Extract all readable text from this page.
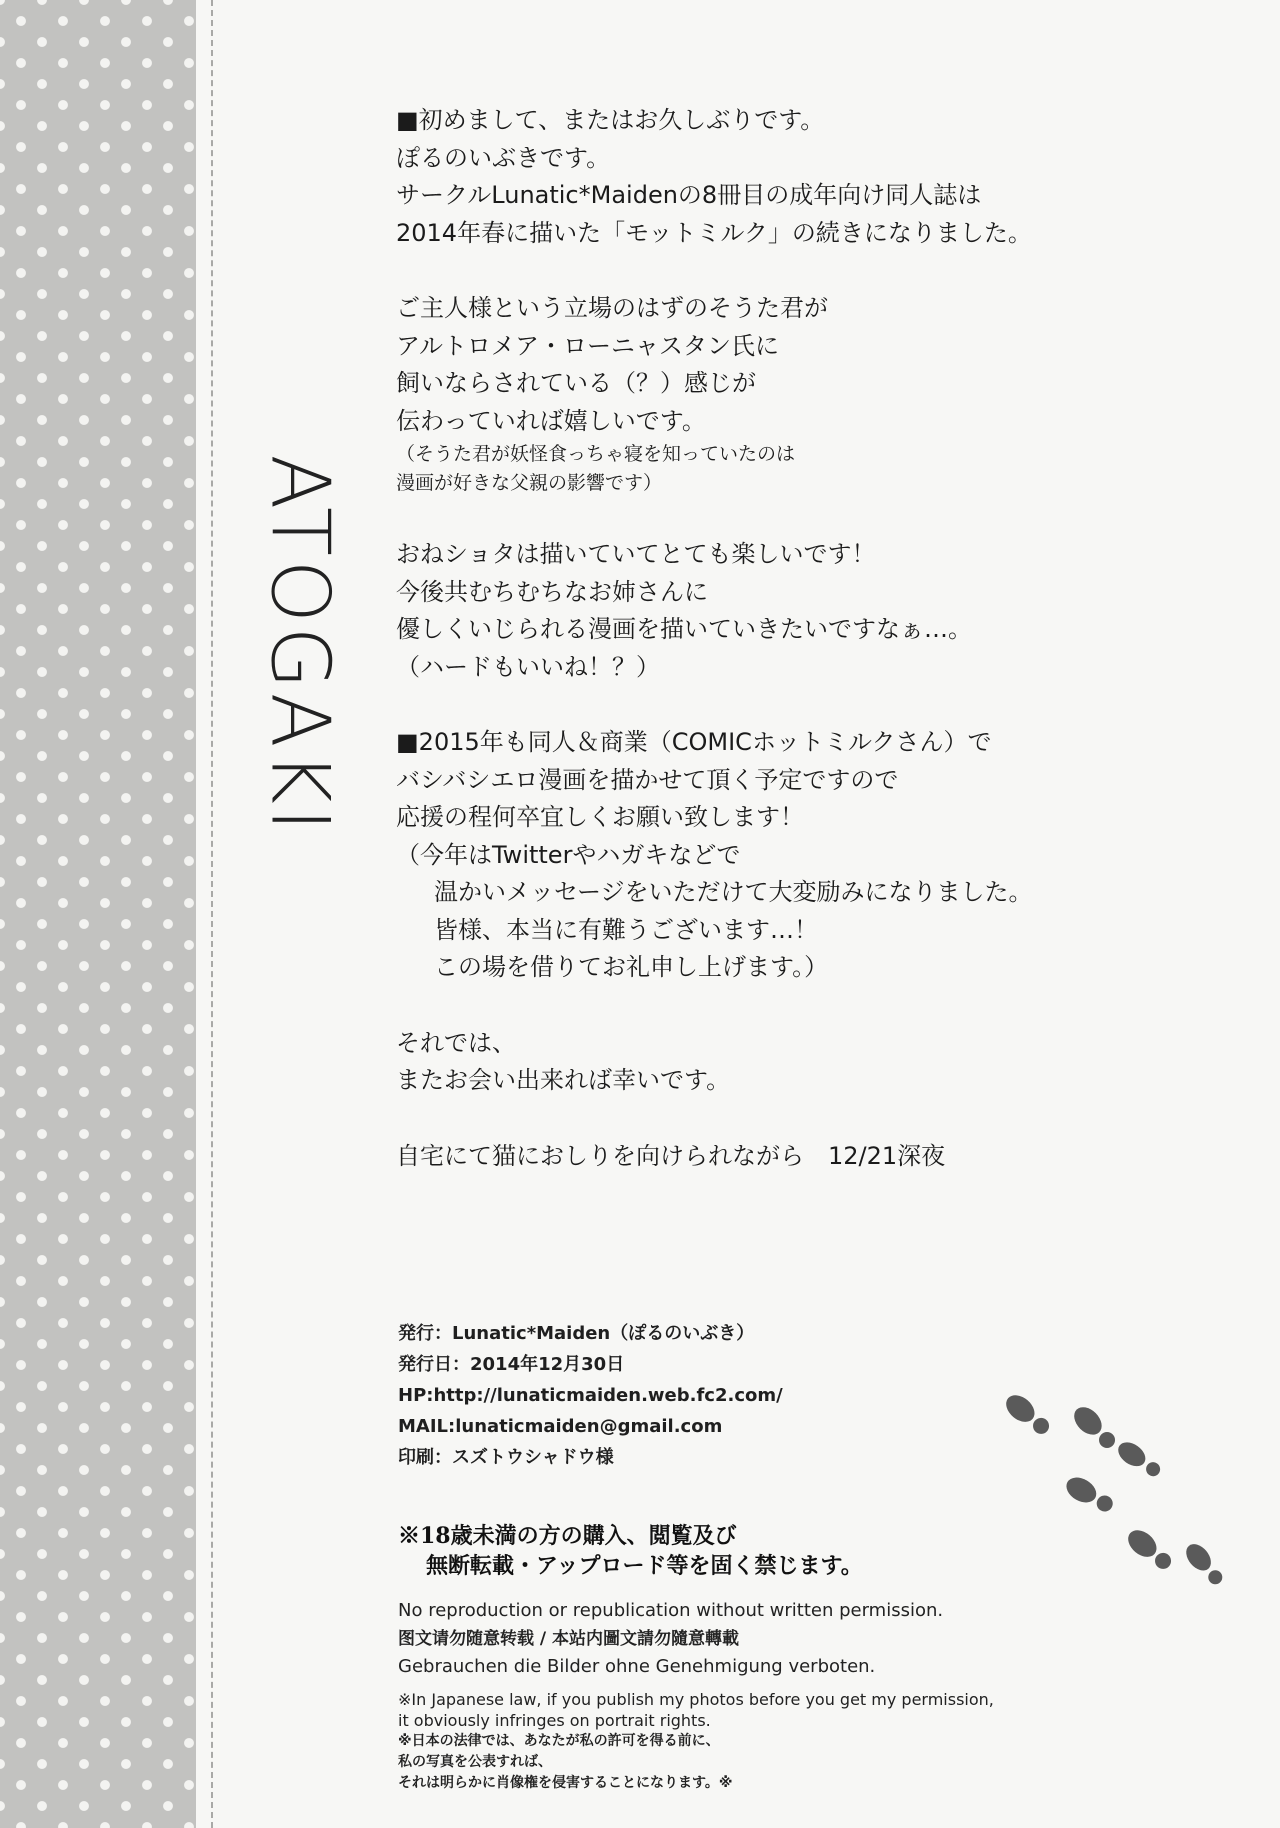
ATOGAKI
■初めまして、またはお久しぶりです。
ぽるのいぶきです。
サークルLunatic*Maidenの8冊目の成年向け同人誌は
2014年春に描いた「モットミルク」の続きになりました。
ご主人様という立場のはずのそうた君が
アルトロメア・ローニャスタン氏に
飼いならされている（？）感じが
伝わっていれば嬉しいです。
（そうた君が妖怪食っちゃ寝を知っていたのは
漫画が好きな父親の影響です）
おねショタは描いていてとても楽しいです！
今後共むちむちなお姉さんに
優しくいじられる漫画を描いていきたいですなぁ…。
（ハードもいいね！？）
■2015年も同人＆商業（COMICホットミルクさん）で
バシバシエロ漫画を描かせて頂く予定ですので
応援の程何卒宜しくお願い致します！
（今年はTwitterやハガキなどで
温かいメッセージをいただけて大変励みになりました。
皆様、本当に有難うございます…！
この場を借りてお礼申し上げます。）
それでは、
またお会い出来れば幸いです。
自宅にて猫におしりを向けられながら　12/21深夜
発行：Lunatic*Maiden（ぽるのいぶき）
発行日：2014年12月30日
HP:http://lunaticmaiden.web.fc2.com/
MAIL:lunaticmaiden@gmail.com
印刷：スズトウシャドウ様
※18歳未満の方の購入、閲覧及び
無断転載・アップロード等を固く禁じます。
No reproduction or republication without written permission.
图文请勿随意转载 / 本站内圖文請勿隨意轉載
Gebrauchen die Bilder ohne Genehmigung verboten.
※In Japanese law, if you publish my photos before you get my permission,
it obviously infringes on portrait rights.
※日本の法律では、あなたが私の許可を得る前に、
私の写真を公表すれば、
それは明らかに肖像権を侵害することになります。※
